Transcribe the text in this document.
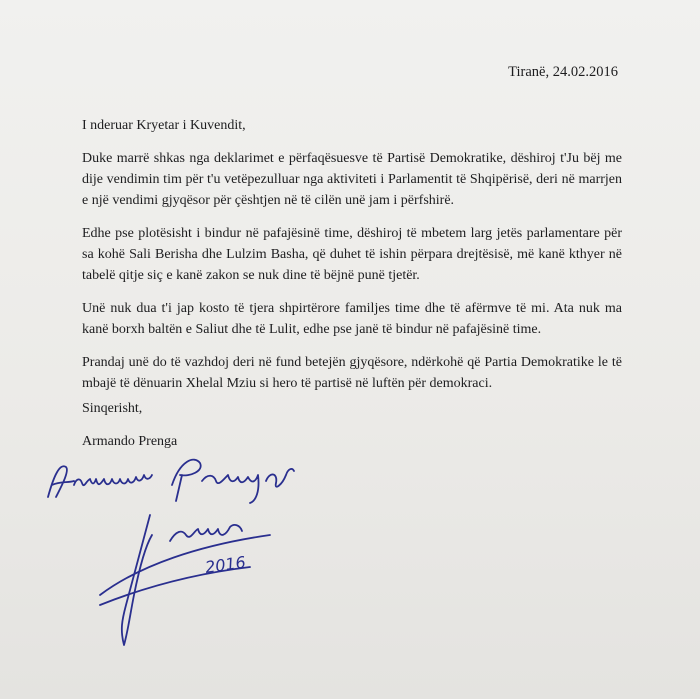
Tiranë, 24.02.2016
I nderuar Kryetar i Kuvendit,
Duke marrë shkas nga deklarimet e përfaqësuesve të Partisë Demokratike, dëshiroj t'Ju bëj me dije vendimin tim për t'u vetëpezulluar nga aktiviteti i Parlamentit të Shqipërisë, deri në marrjen e një vendimi gjyqësor për çështjen në të cilën unë jam i përfshirë.
Edhe pse plotësisht i bindur në pafajësinë time, dëshiroj të mbetem larg jetës parlamentare për sa kohë Sali Berisha dhe Lulzim Basha, që duhet të ishin përpara drejtësisë, më kanë kthyer në tabelë qitje siç e kanë zakon se nuk dine të bëjnë punë tjetër.
Unë nuk dua t'i jap kosto të tjera shpirtërore familjes time dhe të afërmve të mi. Ata nuk ma kanë borxh baltën e Saliut dhe të Lulit, edhe pse janë të bindur në pafajësinë time.
Prandaj unë do të vazhdoj deri në fund betejën gjyqësore, ndërkohë që Partia Demokratike le të mbajë të dënuarin Xhelal Mziu si hero të partisë në luftën për demokraci.
Sinqerisht,
Armando Prenga
2016
